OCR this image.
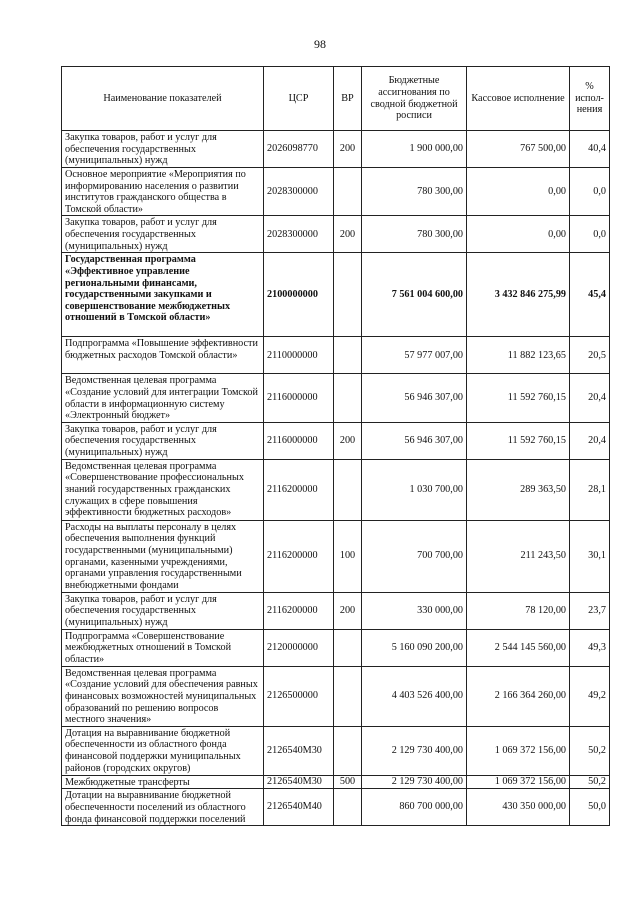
98
Наименование показателей	ЦСР	ВР	Бюджетные ассигнования по сводной бюджетной росписи	Кассовое исполнение	% испол-нения
Закупка товаров, работ и услуг для обеспечения государственных (муниципальных) нужд	2026098770	200	1 900 000,00	767 500,00	40,4
Основное мероприятие «Мероприятия по информированию населения о развитии институтов гражданского общества в Томской области»	2028300000		780 300,00	0,00	0,0
Закупка товаров, работ и услуг для обеспечения государственных (муниципальных) нужд	2028300000	200	780 300,00	0,00	0,0
Государственная программа «Эффективное управление региональными финансами, государственными закупками и совершенствование межбюджетных отношений в Томской области»	2100000000		7 561 004 600,00	3 432 846 275,99	45,4
Подпрограмма «Повышение эффективности бюджетных расходов Томской области»	2110000000		57 977 007,00	11 882 123,65	20,5
Ведомственная целевая программа «Создание условий для интеграции Томской области в информационную систему «Электронный бюджет»	2116000000		56 946 307,00	11 592 760,15	20,4
Закупка товаров, работ и услуг для обеспечения государственных (муниципальных) нужд	2116000000	200	56 946 307,00	11 592 760,15	20,4
Ведомственная целевая программа «Совершенствование профессиональных знаний государственных гражданских служащих в сфере повышения эффективности бюджетных расходов»	2116200000		1 030 700,00	289 363,50	28,1
Расходы на выплаты персоналу в целях обеспечения выполнения функций государственными (муниципальными) органами, казенными учреждениями, органами управления государственными внебюджетными фондами	2116200000	100	700 700,00	211 243,50	30,1
Закупка товаров, работ и услуг для обеспечения государственных (муниципальных) нужд	2116200000	200	330 000,00	78 120,00	23,7
Подпрограмма «Совершенствование межбюджетных отношений в Томской области»	2120000000		5 160 090 200,00	2 544 145 560,00	49,3
Ведомственная целевая программа «Создание условий для обеспечения равных финансовых возможностей муниципальных образований по решению вопросов местного значения»	2126500000		4 403 526 400,00	2 166 364 260,00	49,2
Дотация на выравнивание бюджетной обеспеченности из областного фонда финансовой поддержки муниципальных районов (городских округов)	2126540М30		2 129 730 400,00	1 069 372 156,00	50,2
Межбюджетные трансферты	2126540М30	500	2 129 730 400,00	1 069 372 156,00	50,2
Дотации на выравнивание бюджетной обеспеченности поселений из областного фонда финансовой поддержки поселений	2126540М40		860 700 000,00	430 350 000,00	50,0
